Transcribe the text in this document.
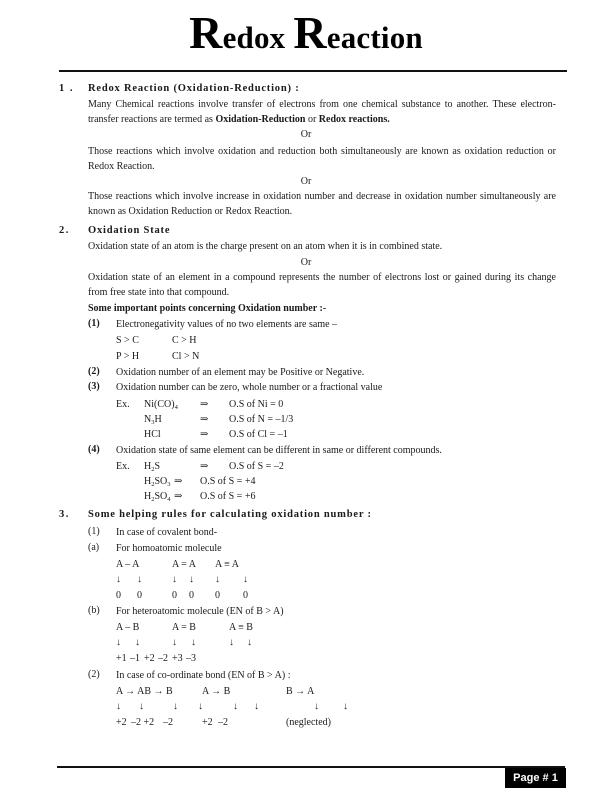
Redox Reaction
1 . Redox Reaction (Oxidation-Reduction) :
Many Chemical reactions involve transfer of electrons from one chemical substance to another. These electron-transfer reactions are termed as Oxidation-Reduction or Redox reactions.
Or
Those reactions which involve oxidation and reduction both simultaneously are known as oxidation reduction or Redox Reaction.
Or
Those reactions which involve increase in oxidation number and decrease in oxidation number simultaneously are known as Oxidation Reduction or Redox Reaction.
2. Oxidation State
Oxidation state of an atom is the charge present on an atom when it is in combined state.
Or
Oxidation state of an element in a compound represents the number of electrons lost or gained during its change from free state into that compound.
Some important points concerning Oxidation number :-
(1) Electronegativity values of no two elements are same –
S > C	C > H
P > H	Cl > N
(2) Oxidation number of an element may be Positive or Negative.
(3) Oxidation number can be zero, whole number or a fractional value
Ex. $Ni(CO)_4$ ⇒ O.S of Ni = 0
$N_3H$	⇒ O.S of N = –1/3
HCl	⇒ O.S of Cl = –1
(4) Oxidation state of same element can be different in same or different compounds.
Ex. $H_2S$	⇒ O.S of S = –2
$H_2SO_3$ ⇒ O.S of S = +4
$H_2SO_4$ ⇒ O.S of S = +6
3. Some helping rules for calculating oxidation number :
(1) In case of covalent bond-
(a) For homoatomic molecule
A – A	A = A A ≡ A
↓ ↓	↓ ↓ ↓ ↓
0 0	0 0 0 0
(b) For heteroatomic molecule (EN of B > A)
A – B	A = B	A ≡ B
↓ ↓	↓ ↓	↓ ↓
+1 –1 +2 –2 +3 –3
(2) In case of co-ordinate bond (EN of B > A) :
A → AB → B	A → B	B → A
↓ ↓	↓ ↓	↓ ↓	↓ ↓
+2 –2 +2 –2	+2 –2	(neglected)
Page # 1
